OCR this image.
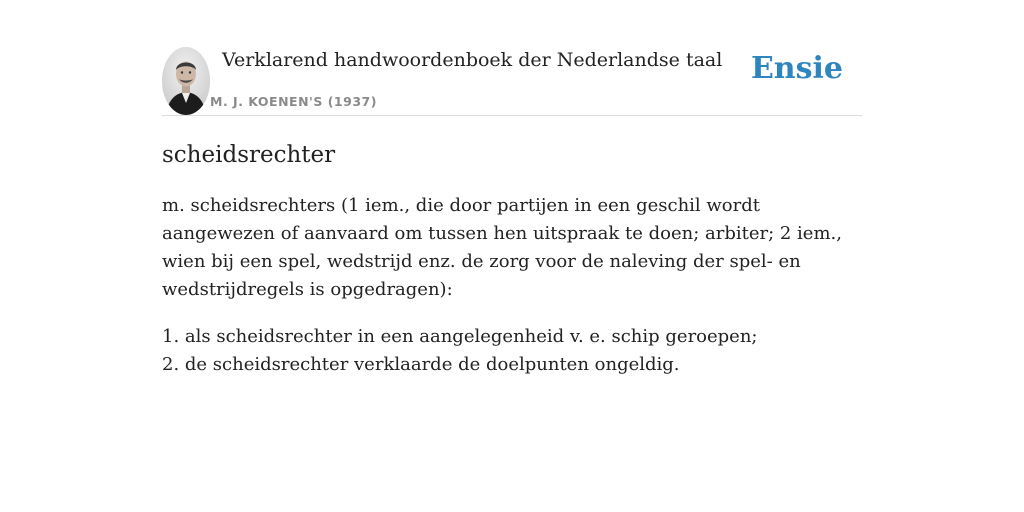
Verklarend handwoordenboek der Nederlandse taal
M. J. KOENEN'S (1937)
Ensie
scheidsrechter

m. scheidsrechters (1 iem., die door partijen in een geschil wordt aangewezen of aanvaard om tussen hen uitspraak te doen; arbiter; 2 iem., wien bij een spel, wedstrijd enz. de zorg voor de naleving der spel- en wedstrijdregels is opgedragen):

1. als scheidsrechter in een aangelegenheid v. e. schip geroepen;
2. de scheidsrechter verklaarde de doelpunten ongeldig.
